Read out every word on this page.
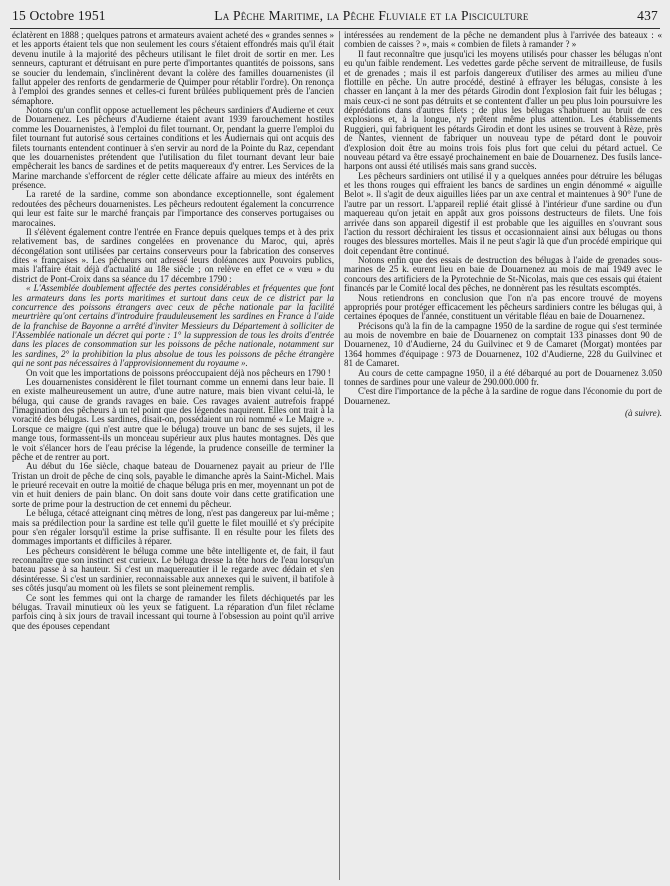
15 Octobre 1951	La Pêche Maritime, la Pêche Fluviale et la Pisciculture	437

éclatèrent en 1888 ; quelques patrons et armateurs avaient acheté des « grandes sennes » et les apports étaient tels que non seulement les cours s'étaient effondrés mais qu'il était devenu inutile à la majorité des pêcheurs utilisant le filet droit de sortir en mer. Les senneurs, capturant et détruisant en pure perte d'importantes quantités de poissons, sans se soucier du lendemain, s'inclinèrent devant la colère des familles douarnenistes (il fallut appeler des renforts de gendarmerie de Quimper pour rétablir l'ordre). On renonça à l'emploi des grandes sennes et celles-ci furent brûlées publiquement près de l'ancien sémaphore.

Notons qu'un conflit oppose actuellement les pêcheurs sardiniers d'Audierne et ceux de Douarnenez. Les pêcheurs d'Audierne étaient avant 1939 farouchement hostiles comme les Douarnenistes, à l'emploi du filet tournant. Or, pendant la guerre l'emploi du filet tournant fut autorisé sous certaines conditions et les Audiernais qui ont acquis des filets tournants entendent continuer à s'en servir au nord de la Pointe du Raz, cependant que les douarnenistes prétendent que l'utilisation du filet tournant devant leur baie empêcherait les bancs de sardines et de petits maquereaux d'y entrer. Les Services de la Marine marchande s'efforcent de régler cette délicate affaire au mieux des intérêts en présence.

La rareté de la sardine, comme son abondance exceptionnelle, sont également redoutées des pêcheurs douarnenistes. Les pêcheurs redoutent également la concurrence qui leur est faite sur le marché français par l'importance des conserves portugaises ou marocaines.

Il s'élèvent également contre l'entrée en France depuis quelques temps et à des prix relativement bas, de sardines congelées en provenance du Maroc, qui, après décongélation sont utilisées par certains conserveurs pour la fabrication des conserves dites « françaises ». Les pêcheurs ont adressé leurs doléances aux Pouvoirs publics, mais l'affaire était déjà d'actualité au 18e siècle ; on relève en effet ce « vœu » du district de Pont-Croix dans sa séance du 17 décembre 1790 :

« L'Assemblée doublement affectée des pertes considérables et fréquentes que font les armateurs dans les ports maritimes et surtout dans ceux de ce district par la concurrence des poissons étrangers avec ceux de pêche nationale par la facilité meurtrière qu'ont certains d'introduire frauduleusement les sardines en France à l'aide de la franchise de Bayonne a arrêté d'inviter Messieurs du Département à solliciter de l'Assemblée nationale un décret qui porte : 1° la suppression de tous les droits d'entrée dans les places de consommation sur les poissons de pêche nationale, notamment sur les sardines, 2° la prohibition la plus absolue de tous les poissons de pêche étrangère qui ne sont pas nécessaires à l'approvisionnement du royaume ».

On voit que les importations de poissons préoccupaient déjà nos pêcheurs en 1790 !

Les douarnenistes considèrent le filet tournant comme un ennemi dans leur baie. Il en existe malheureusement un autre, d'une autre nature, mais bien vivant celui-là, le béluga, qui cause de grands ravages en baie. Ces ravages avaient autrefois frappé l'imagination des pêcheurs à un tel point que des légendes naquirent. Elles ont trait à la voracité des bélugas. Les sardines, disait-on, possédaient un roi nommé « Le Maigre ». Lorsque ce maigre (qui n'est autre que le béluga) trouve un banc de ses sujets, il les mange tous, formassent-ils un monceau supérieur aux plus hautes montagnes. Dès que le voit s'élancer hors de l'eau précise la légende, la prudence conseille de terminer la pêche et de rentrer au port.

Au début du 16e siècle, chaque bateau de Douarnenez payait au prieur de l'Ile Tristan un droit de pêche de cinq sols, payable le dimanche après la Saint-Michel. Mais le prieuré recevait en outre la moitié de chaque béluga pris en mer, moyennant un pot de vin et huit deniers de pain blanc. On doit sans doute voir dans cette gratification une sorte de prime pour la destruction de cet ennemi du pêcheur.

Le béluga, cétacé atteignant cinq mètres de long, n'est pas dangereux par lui-même ; mais sa prédilection pour la sardine est telle qu'il guette le filet mouillé et s'y précipite pour s'en régaler lorsqu'il estime la prise suffisante. Il en résulte pour les filets des dommages importants et difficiles à réparer.

Les pêcheurs considèrent le béluga comme une bête intelligente et, de fait, il faut reconnaître que son instinct est curieux. Le béluga dresse la tête hors de l'eau lorsqu'un bateau passe à sa hauteur. Si c'est un maquereautier il le regarde avec dédain et s'en désintéresse. Si c'est un sardinier, reconnaissable aux annexes qui le suivent, il batifole à ses côtés jusqu'au moment où les filets se sont pleinement remplis.

Ce sont les femmes qui ont la charge de ramander les filets déchiquetés par les bélugas. Travail minutieux où les yeux se fatiguent. La réparation d'un filet réclame parfois cinq à six jours de travail incessant qui tourne à l'obsession au point qu'il arrive que des épouses cependant

intéressées au rendement de la pêche ne demandent plus à l'arrivée des bateaux : « combien de caisses ? », mais « combien de filets à ramander ? »

Il faut reconnaître que jusqu'ici les moyens utilisés pour chasser les bélugas n'ont eu qu'un faible rendement. Les vedettes garde pêche servent de mitrailleuse, de fusils et de grenades ; mais il est parfois dangereux d'utiliser des armes au milieu d'une flottille en pêche. Un autre procédé, destiné à effrayer les bélugas, consiste à les chasser en lançant à la mer des pétards Girodin dont l'explosion fait fuir les bélugas ; mais ceux-ci ne sont pas détruits et se contentent d'aller un peu plus loin poursuivre les déprédations dans d'autres filets ; de plus les bélugas s'habituent au bruit de ces explosions et, à la longue, n'y prêtent même plus attention. Les établissements Ruggieri, qui fabriquent les pétards Girodin et dont les usines se trouvent à Rèze, près de Nantes, viennent de fabriquer un nouveau type de pétard dont le pouvoir d'explosion doit être au moins trois fois plus fort que celui du pétard actuel. Ce nouveau pétard va être essayé prochainement en baie de Douarnenez. Des fusils lance-harpons ont aussi été utilisés mais sans grand succès.

Les pêcheurs sardiniers ont utilisé il y a quelques années pour détruire les bélugas et les thons rouges qui effraient les bancs de sardines un engin dénommé « aiguille Belot ». Il s'agit de deux aiguilles liées par un axe central et maintenues à 90° l'une de l'autre par un ressort. L'appareil replié était glissé à l'intérieur d'une sardine ou d'un maquereau qu'on jetait en appât aux gros poissons destructeurs de filets. Une fois arrivée dans son appareil digestif il est probable que les aiguilles en s'ouvrant sous l'action du ressort déchiraient les tissus et occasionnaient ainsi aux bélugas ou thons rouges des blessures mortelles. Mais il ne peut s'agir là que d'un procédé empirique qui doit cependant être continué.

Notons enfin que des essais de destruction des bélugas à l'aide de grenades sous-marines de 25 k. eurent lieu en baie de Douarnenez au mois de mai 1949 avec le concours des artificiers de la Pyrotechnie de St-Nicolas, mais que ces essais qui étaient financés par le Comité local des pêches, ne donnèrent pas les résultats escomptés.

Nous retiendrons en conclusion que l'on n'a pas encore trouvé de moyens appropriés pour protéger efficacement les pêcheurs sardiniers contre les bélugas qui, à certaines époques de l'année, constituent un véritable fléau en baie de Douarnenez.

Précisons qu'à la fin de la campagne 1950 de la sardine de rogue qui s'est terminée au mois de novembre en baie de Douarnenez on comptait 133 pinasses dont 90 de Douarnenez, 10 d'Audierne, 24 du Guilvinec et 9 de Camaret (Morgat) montées par 1364 hommes d'équipage : 973 de Douarnenez, 102 d'Audierne, 228 du Guilvinec et 81 de Camaret.

Au cours de cette campagne 1950, il a été débarqué au port de Douarnenez 3.050 tonnes de sardines pour une valeur de 290.000.000 fr.

C'est dire l'importance de la pêche à la sardine de rogue dans l'économie du port de Douarnenez.

(à suivre).
